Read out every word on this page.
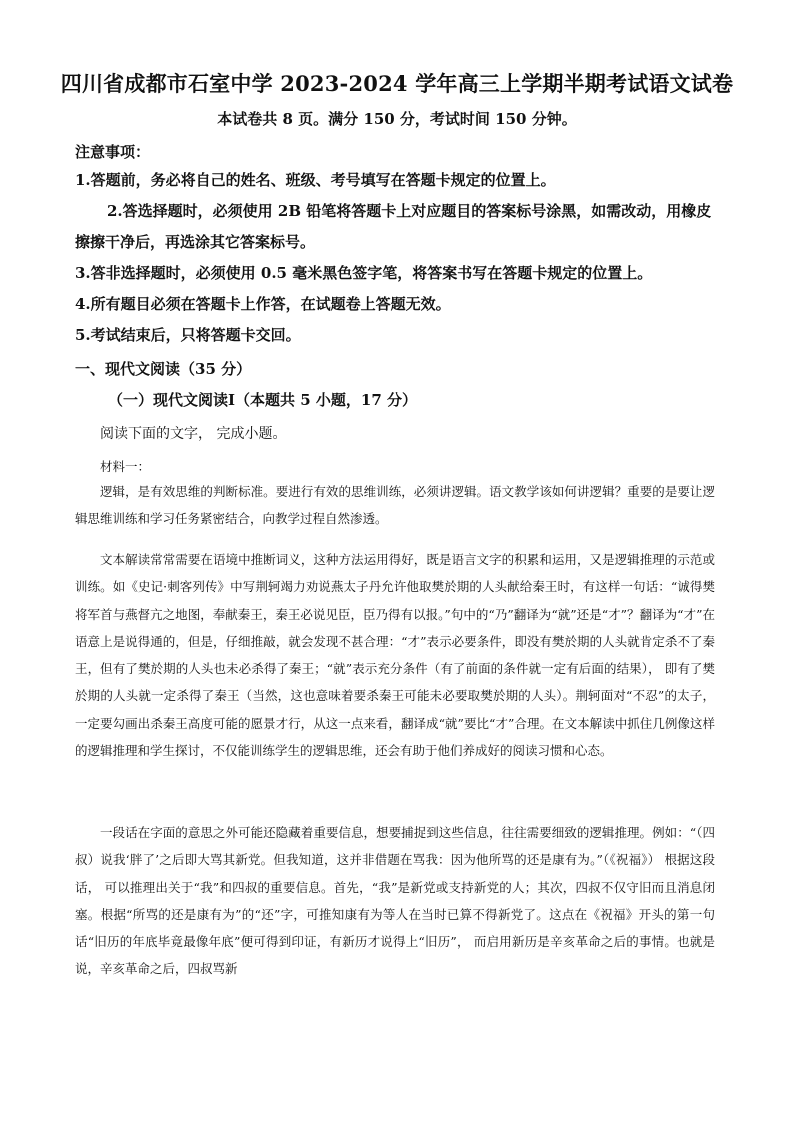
四川省成都市石室中学 2023-2024 学年高三上学期半期考试语文试卷
本试卷共 8 页。满分 150 分，考试时间 150 分钟。
注意事项：
1.答题前，务必将自己的姓名、班级、考号填写在答题卡规定的位置上。
2.答选择题时，必须使用 2B 铅笔将答题卡上对应题目的答案标号涂黑，如需改动，用橡皮擦擦干净后，再选涂其它答案标号。
3.答非选择题时，必须使用 0.5 毫米黑色签字笔，将答案书写在答题卡规定的位置上。
4.所有题目必须在答题卡上作答，在试题卷上答题无效。
5.考试结束后，只将答题卡交回。
一、现代文阅读（35 分）
（一）现代文阅读Ⅰ（本题共 5 小题，17 分）
阅读下面的文字， 完成小题。
材料一：

逻辑，是有效思维的判断标准。要进行有效的思维训练，必须讲逻辑。语文教学该如何讲逻辑？重要的是要让逻辑思维训练和学习任务紧密结合，向教学过程自然渗透。

文本解读常常需要在语境中推断词义，这种方法运用得好，既是语言文字的积累和运用，又是逻辑推理的示范或训练。如《史记·刺客列传》中写荆轲竭力劝说燕太子丹允许他取樊於期的人头献给秦王时，有这样一句话：“诚得樊将军首与燕督亢之地图，奉献秦王，秦王必说见臣，臣乃得有以报。”句中的“乃”翻译为“就”还是“才”？翻译为“才”在语意上是说得通的，但是，仔细推敲，就会发现不甚合理：“才”表示必要条件，即没有樊於期的人头就肯定杀不了秦王，但有了樊於期的人头也未必杀得了秦王；“就”表示充分条件（有了前面的条件就一定有后面的结果）， 即有了樊於期的人头就一定杀得了秦王（当然，这也意味着要杀秦王可能未必要取樊於期的人头）。荆轲面对“不忍”的太子，一定要勾画出杀秦王高度可能的愿景才行，从这一点来看，翻译成“就”要比“才”合理。在文本解读中抓住几例像这样的逻辑推理和学生探讨，不仅能训练学生的逻辑思维，还会有助于他们养成好的阅读习惯和心态。

一段话在字面的意思之外可能还隐藏着重要信息，想要捕捉到这些信息，往往需要细致的逻辑推理。例如：“（四叔）说我‘胖了’之后即大骂其新党。但我知道，这并非借题在骂我：因为他所骂的还是康有为。”（《祝福》） 根据这段话， 可以推理出关于“我”和四叔的重要信息。首先，“我”是新党或支持新党的人；其次，四叔不仅守旧而且消息闭塞。根据“所骂的还是康有为”的“还”字，可推知康有为等人在当时已算不得新党了。这点在《祝福》开头的第一句话“旧历的年底毕竟最像年底”便可得到印证，有新历才说得上“旧历”， 而启用新历是辛亥革命之后的事情。也就是说，辛亥革命之后，四叔骂新
